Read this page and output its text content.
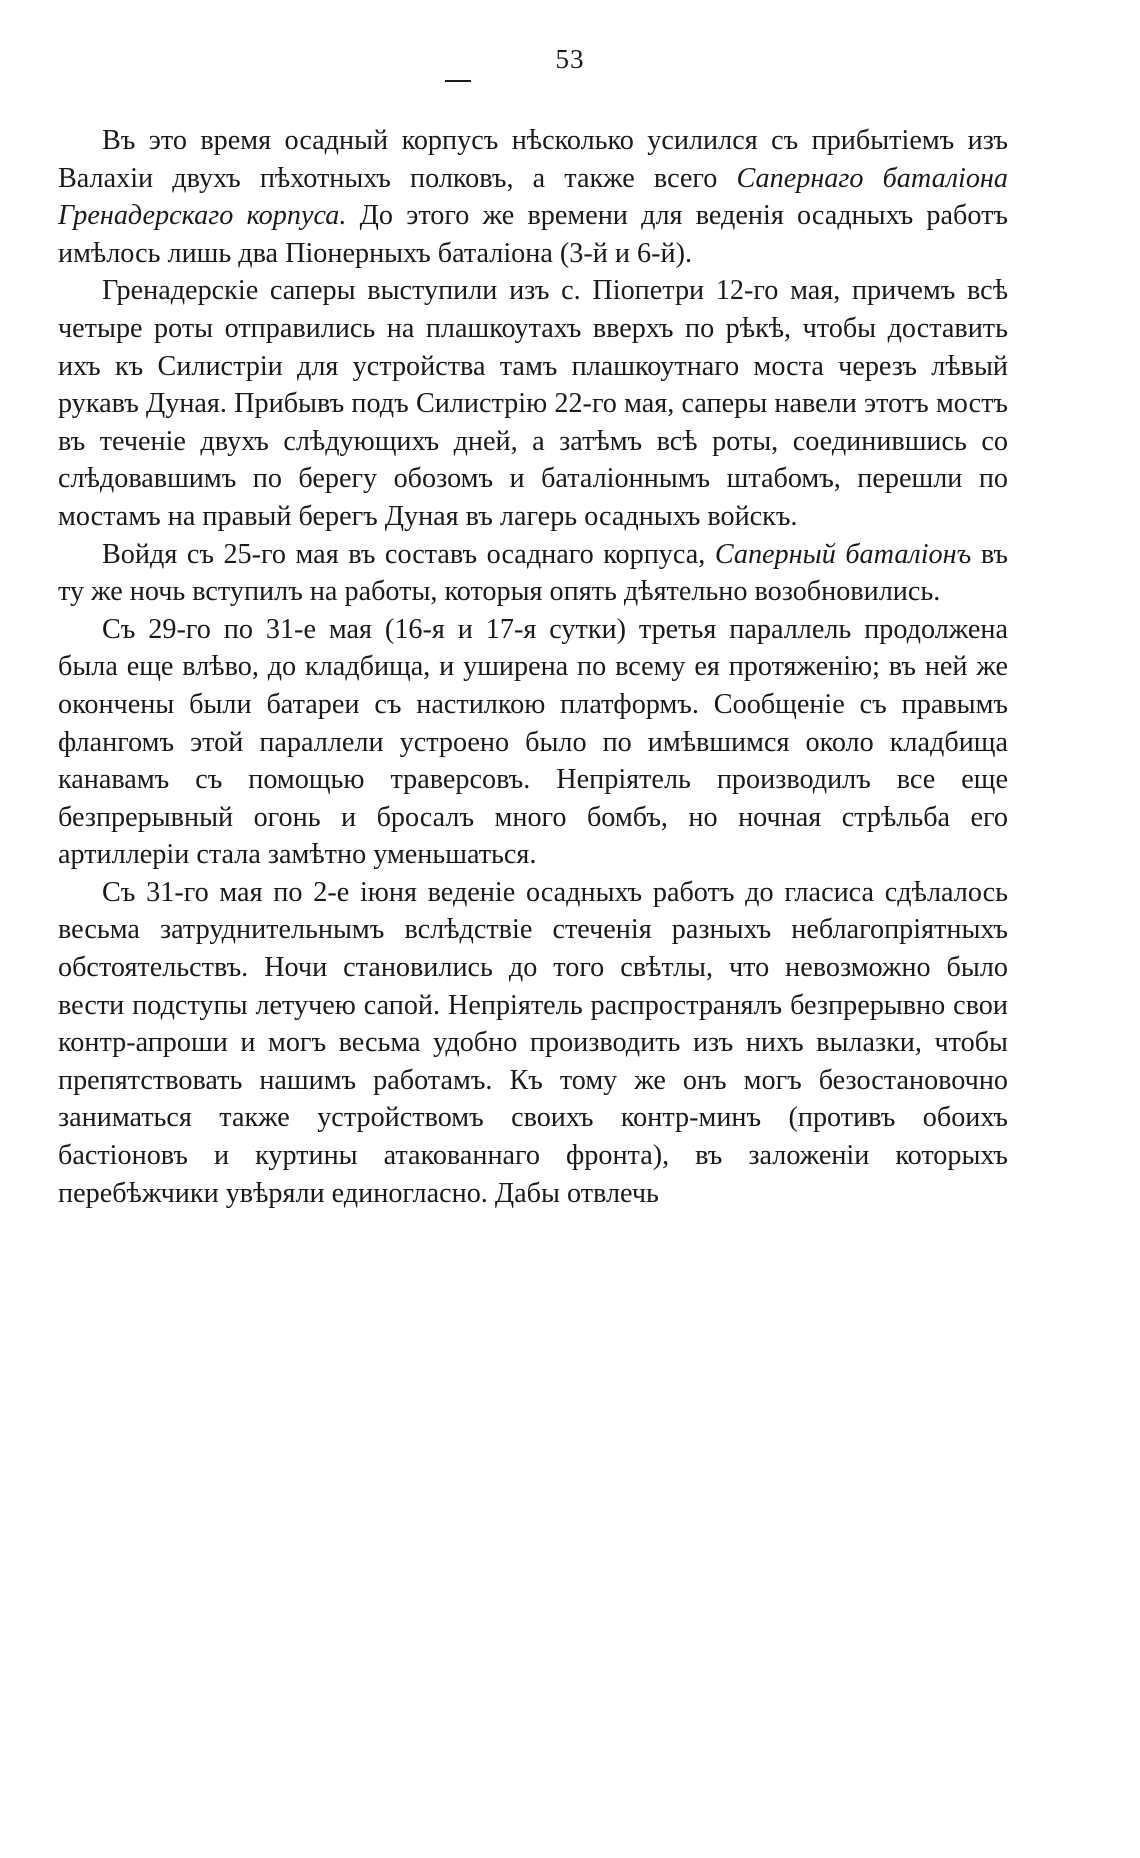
53

Въ это время осадный корпусъ нѣсколько усилился съ прибытіемъ изъ Валахіи двухъ пѣхотныхъ полковъ, а также всего Сапернаго баталіона Гренадерскаго корпуса. До этого же времени для веденія осадныхъ работъ имѣлось лишь два Піонерныхъ баталіона (3-й и 6-й).

Гренадерскіе саперы выступили изъ с. Піопетри 12-го мая, причемъ всѣ четыре роты отправились на плашкоутахъ вверхъ по рѣкѣ, чтобы доставить ихъ къ Силистріи для устройства тамъ плашкоутнаго моста черезъ лѣвый рукавъ Дуная. Прибывъ подъ Силистрію 22-го мая, саперы навели этотъ мостъ въ теченіе двухъ слѣдующихъ дней, а затѣмъ всѣ роты, соединившись со слѣдовавшимъ по берегу обозомъ и баталіоннымъ штабомъ, перешли по мостамъ на правый берегъ Дуная въ лагерь осадныхъ войскъ.

Войдя съ 25-го мая въ составъ осаднаго корпуса, Саперный баталіонъ въ ту же ночь вступилъ на работы, которыя опять дѣятельно возобновились.

Съ 29-го по 31-е мая (16-я и 17-я сутки) третья параллель продолжена была еще влѣво, до кладбища, и уширена по всему ея протяженію; въ ней же окончены были батареи съ настилкою платформъ. Сообщеніе съ правымъ флангомъ этой параллели устроено было по имѣвшимся около кладбища канавамъ съ помощью траверсовъ. Непріятель производилъ все еще безпрерывный огонь и бросалъ много бомбъ, но ночная стрѣльба его артиллеріи стала замѣтно уменьшаться.

Съ 31-го мая по 2-е іюня веденіе осадныхъ работъ до гласиса сдѣлалось весьма затруднительнымъ вслѣдствіе стеченія разныхъ неблагопріятныхъ обстоятельствъ. Ночи становились до того свѣтлы, что невозможно было вести подступы летучею сапой. Непріятель распространялъ безпрерывно свои контр-апроши и могъ весьма удобно производить изъ нихъ вылазки, чтобы препятствовать нашимъ работамъ. Къ тому же онъ могъ безостановочно заниматься также устройствомъ своихъ контр-минъ (противъ обоихъ бастіоновъ и куртины атакованнаго фронта), въ заложеніи которыхъ перебѣжчики увѣряли единогласно. Дабы отвлечь
